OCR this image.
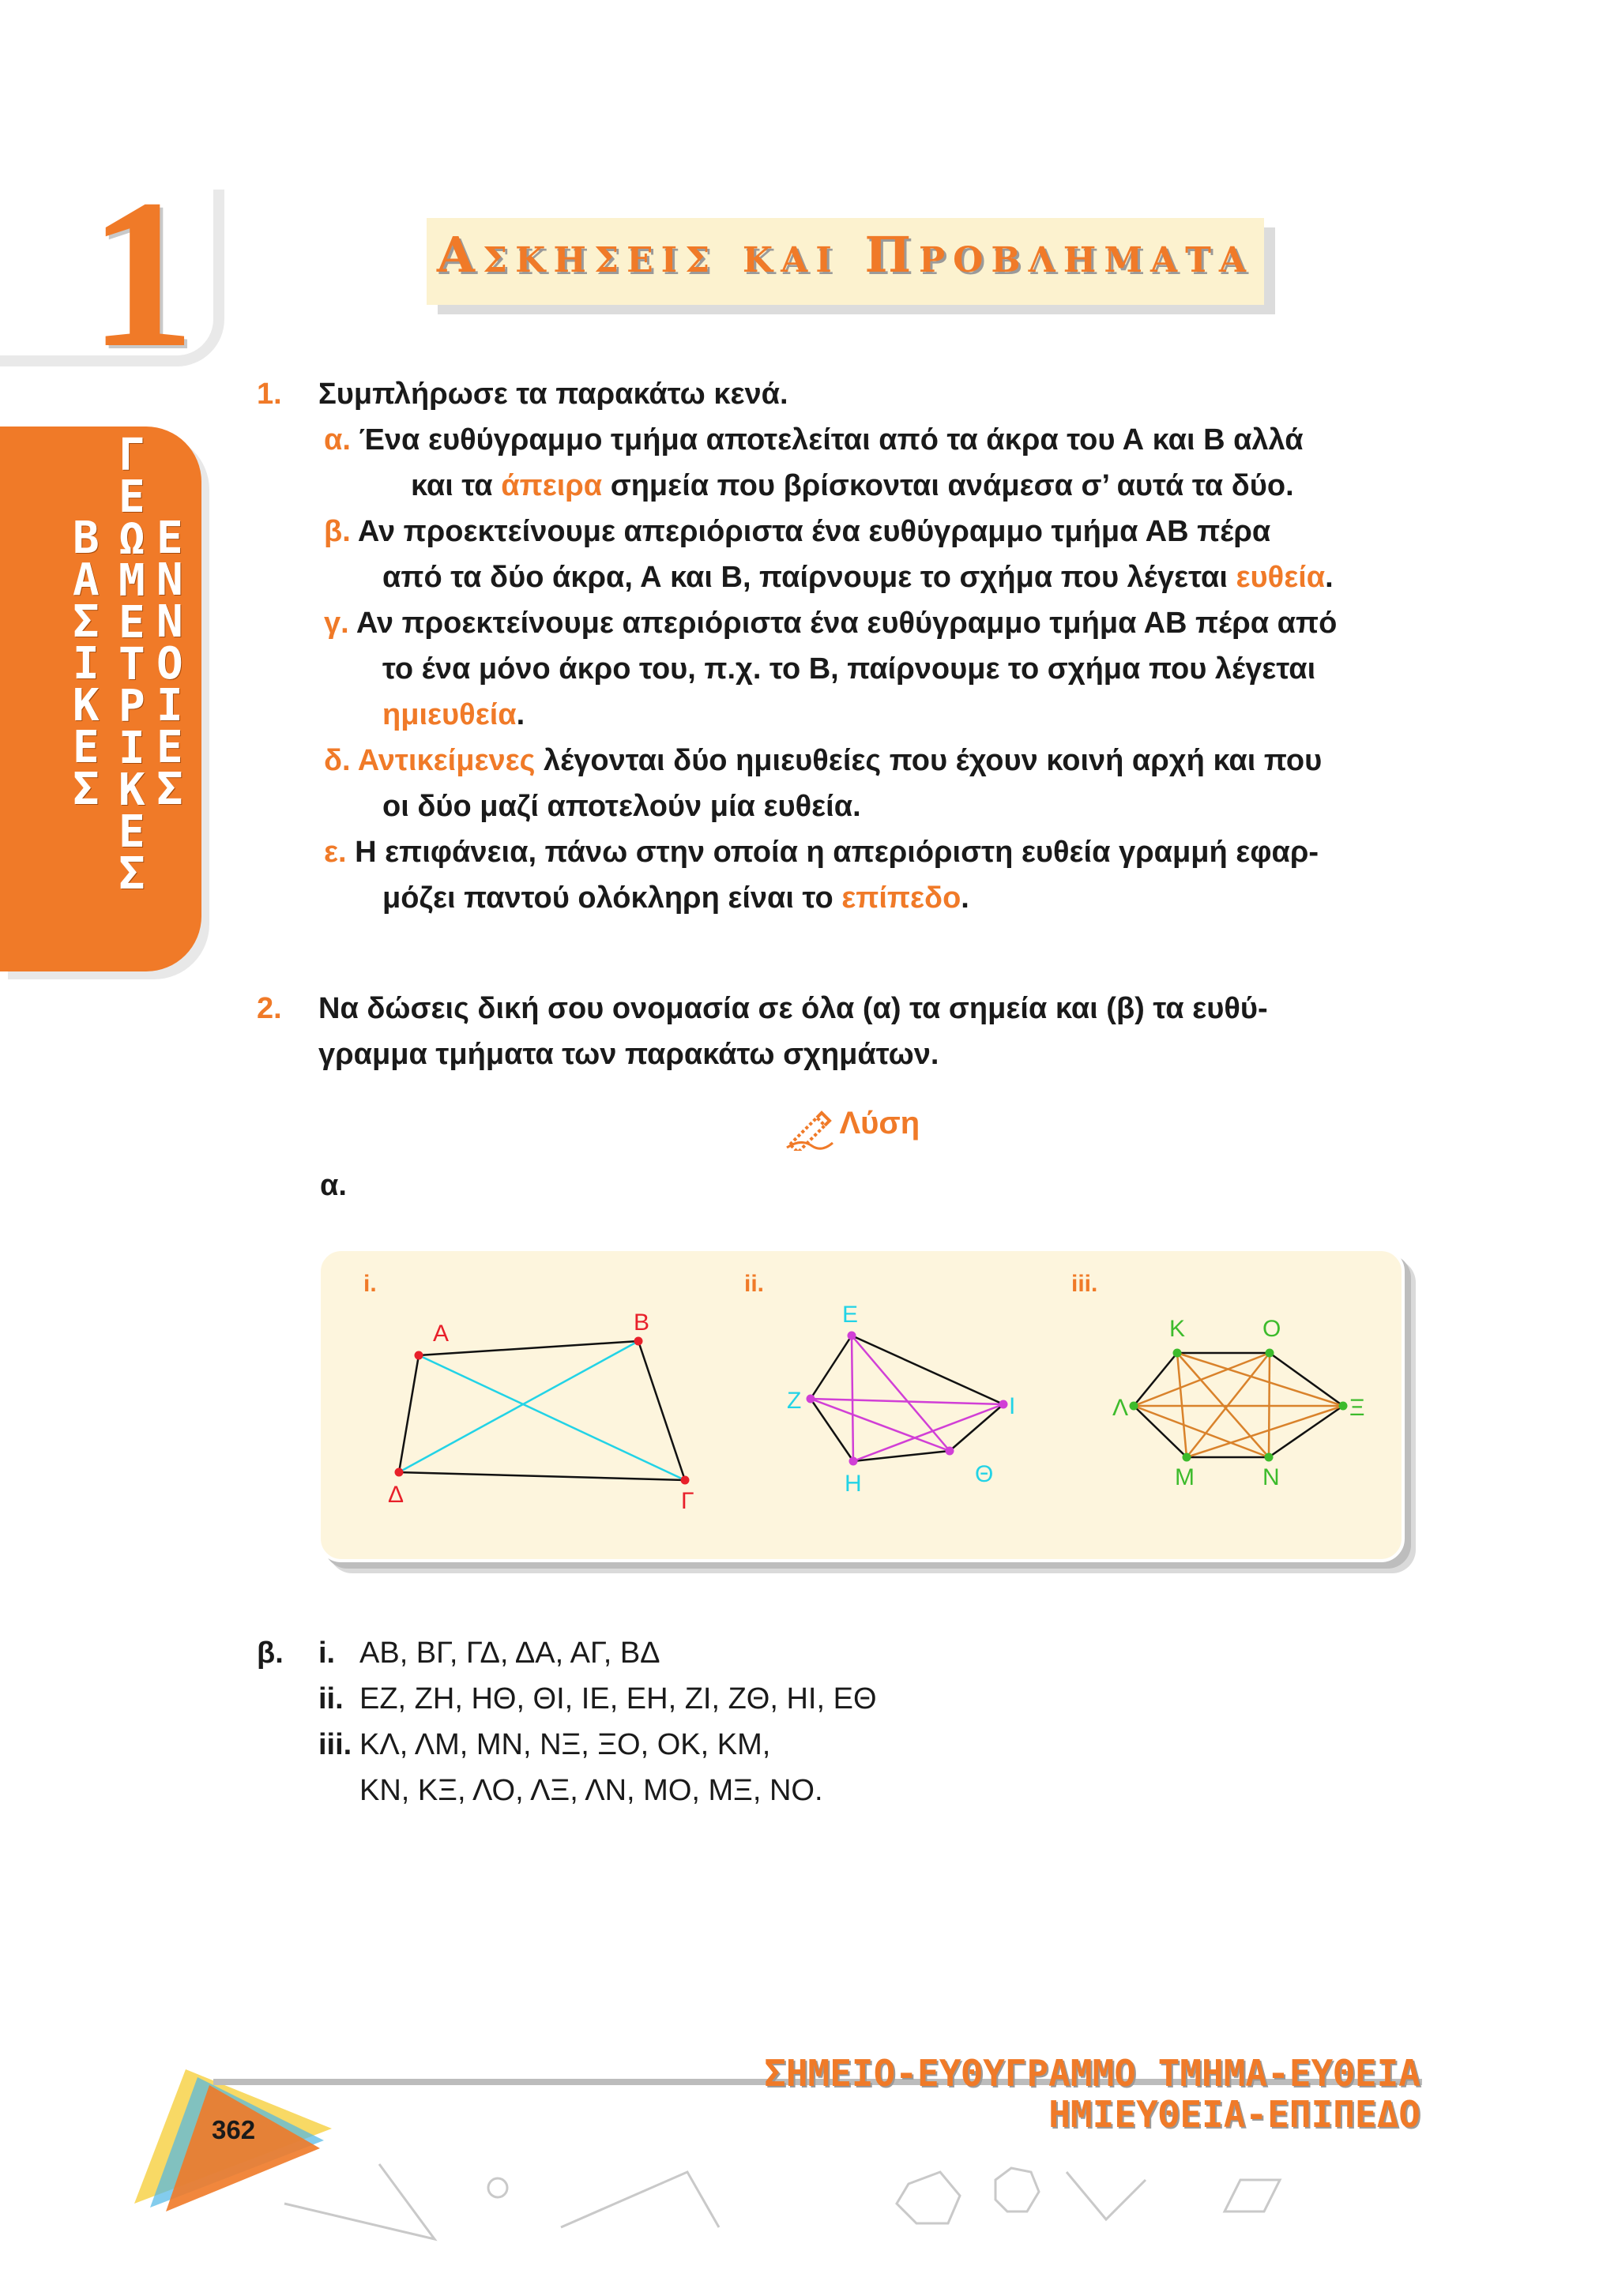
1
Β
Α
Σ
Ι
Κ
Ε
Σ
Γ
Ε
Ω
Μ
Ε
Τ
Ρ
Ι
Κ
Ε
Σ
Ε
Ν
Ν
Ο
Ι
Ε
Σ
ΑΣΚΗΣΕΙΣ ΚΑΙ ΠΡΟΒΛΗΜΑΤΑ
1. Συμπλήρωσε τα παρακάτω κενά.
α. Ένα ευθύγραμμο τμήμα αποτελείται από τα άκρα του Α και Β αλλά
και τα άπειρα σημεία που βρίσκονται ανάμεσα σ’ αυτά τα δύο.
β. Αν προεκτείνουμε απεριόριστα ένα ευθύγραμμο τμήμα ΑΒ πέρα
από τα δύο άκρα, Α και Β, παίρνουμε το σχήμα που λέγεται ευθεία.
γ. Αν προεκτείνουμε απεριόριστα ένα ευθύγραμμο τμήμα ΑΒ πέρα από
το ένα μόνο άκρο του, π.χ. το Β, παίρνουμε το σχήμα που λέγεται
ημιευθεία.
δ. Αντικείμενες λέγονται δύο ημιευθείες που έχουν κοινή αρχή και που
οι δύο μαζί αποτελούν μία ευθεία.
ε. Η επιφάνεια, πάνω στην οποία η απεριόριστη ευθεία γραμμή εφαρ-
μόζει παντού ολόκληρη είναι το επίπεδο.
2. Να δώσεις δική σου ονομασία σε όλα (α) τα σημεία και (β) τα ευθύ-
γραμμα τμήματα των παρακάτω σχημάτων.
Λύση
α.
i.	ii.	iii.
Α	Β
Γ
Δ
Ε
Ζ
Η	Θ
Ι
Κ	Ο
Ξ
Ν
Μ
Λ
β. i. ΑΒ, ΒΓ, ΓΔ, ΔΑ, ΑΓ, ΒΔ
ii. ΕΖ, ΖΗ, ΗΘ, ΘΙ, ΙΕ, ΕΗ, ΖΙ, ΖΘ, ΗΙ, ΕΘ
iii. ΚΛ, ΛΜ, ΜΝ, ΝΞ, ΞΟ, ΟΚ, ΚΜ,
ΚΝ, ΚΞ, ΛΟ, ΛΞ, ΛΝ, ΜΟ, ΜΞ, ΝΟ.
ΣΗΜΕΙΟ-ΕΥΘΥΓΡΑΜΜΟ ΤΜΗΜΑ-ΕΥΘΕΙΑ
ΗΜΙΕΥΘΕΙΑ-ΕΠΙΠΕΔΟ
362
